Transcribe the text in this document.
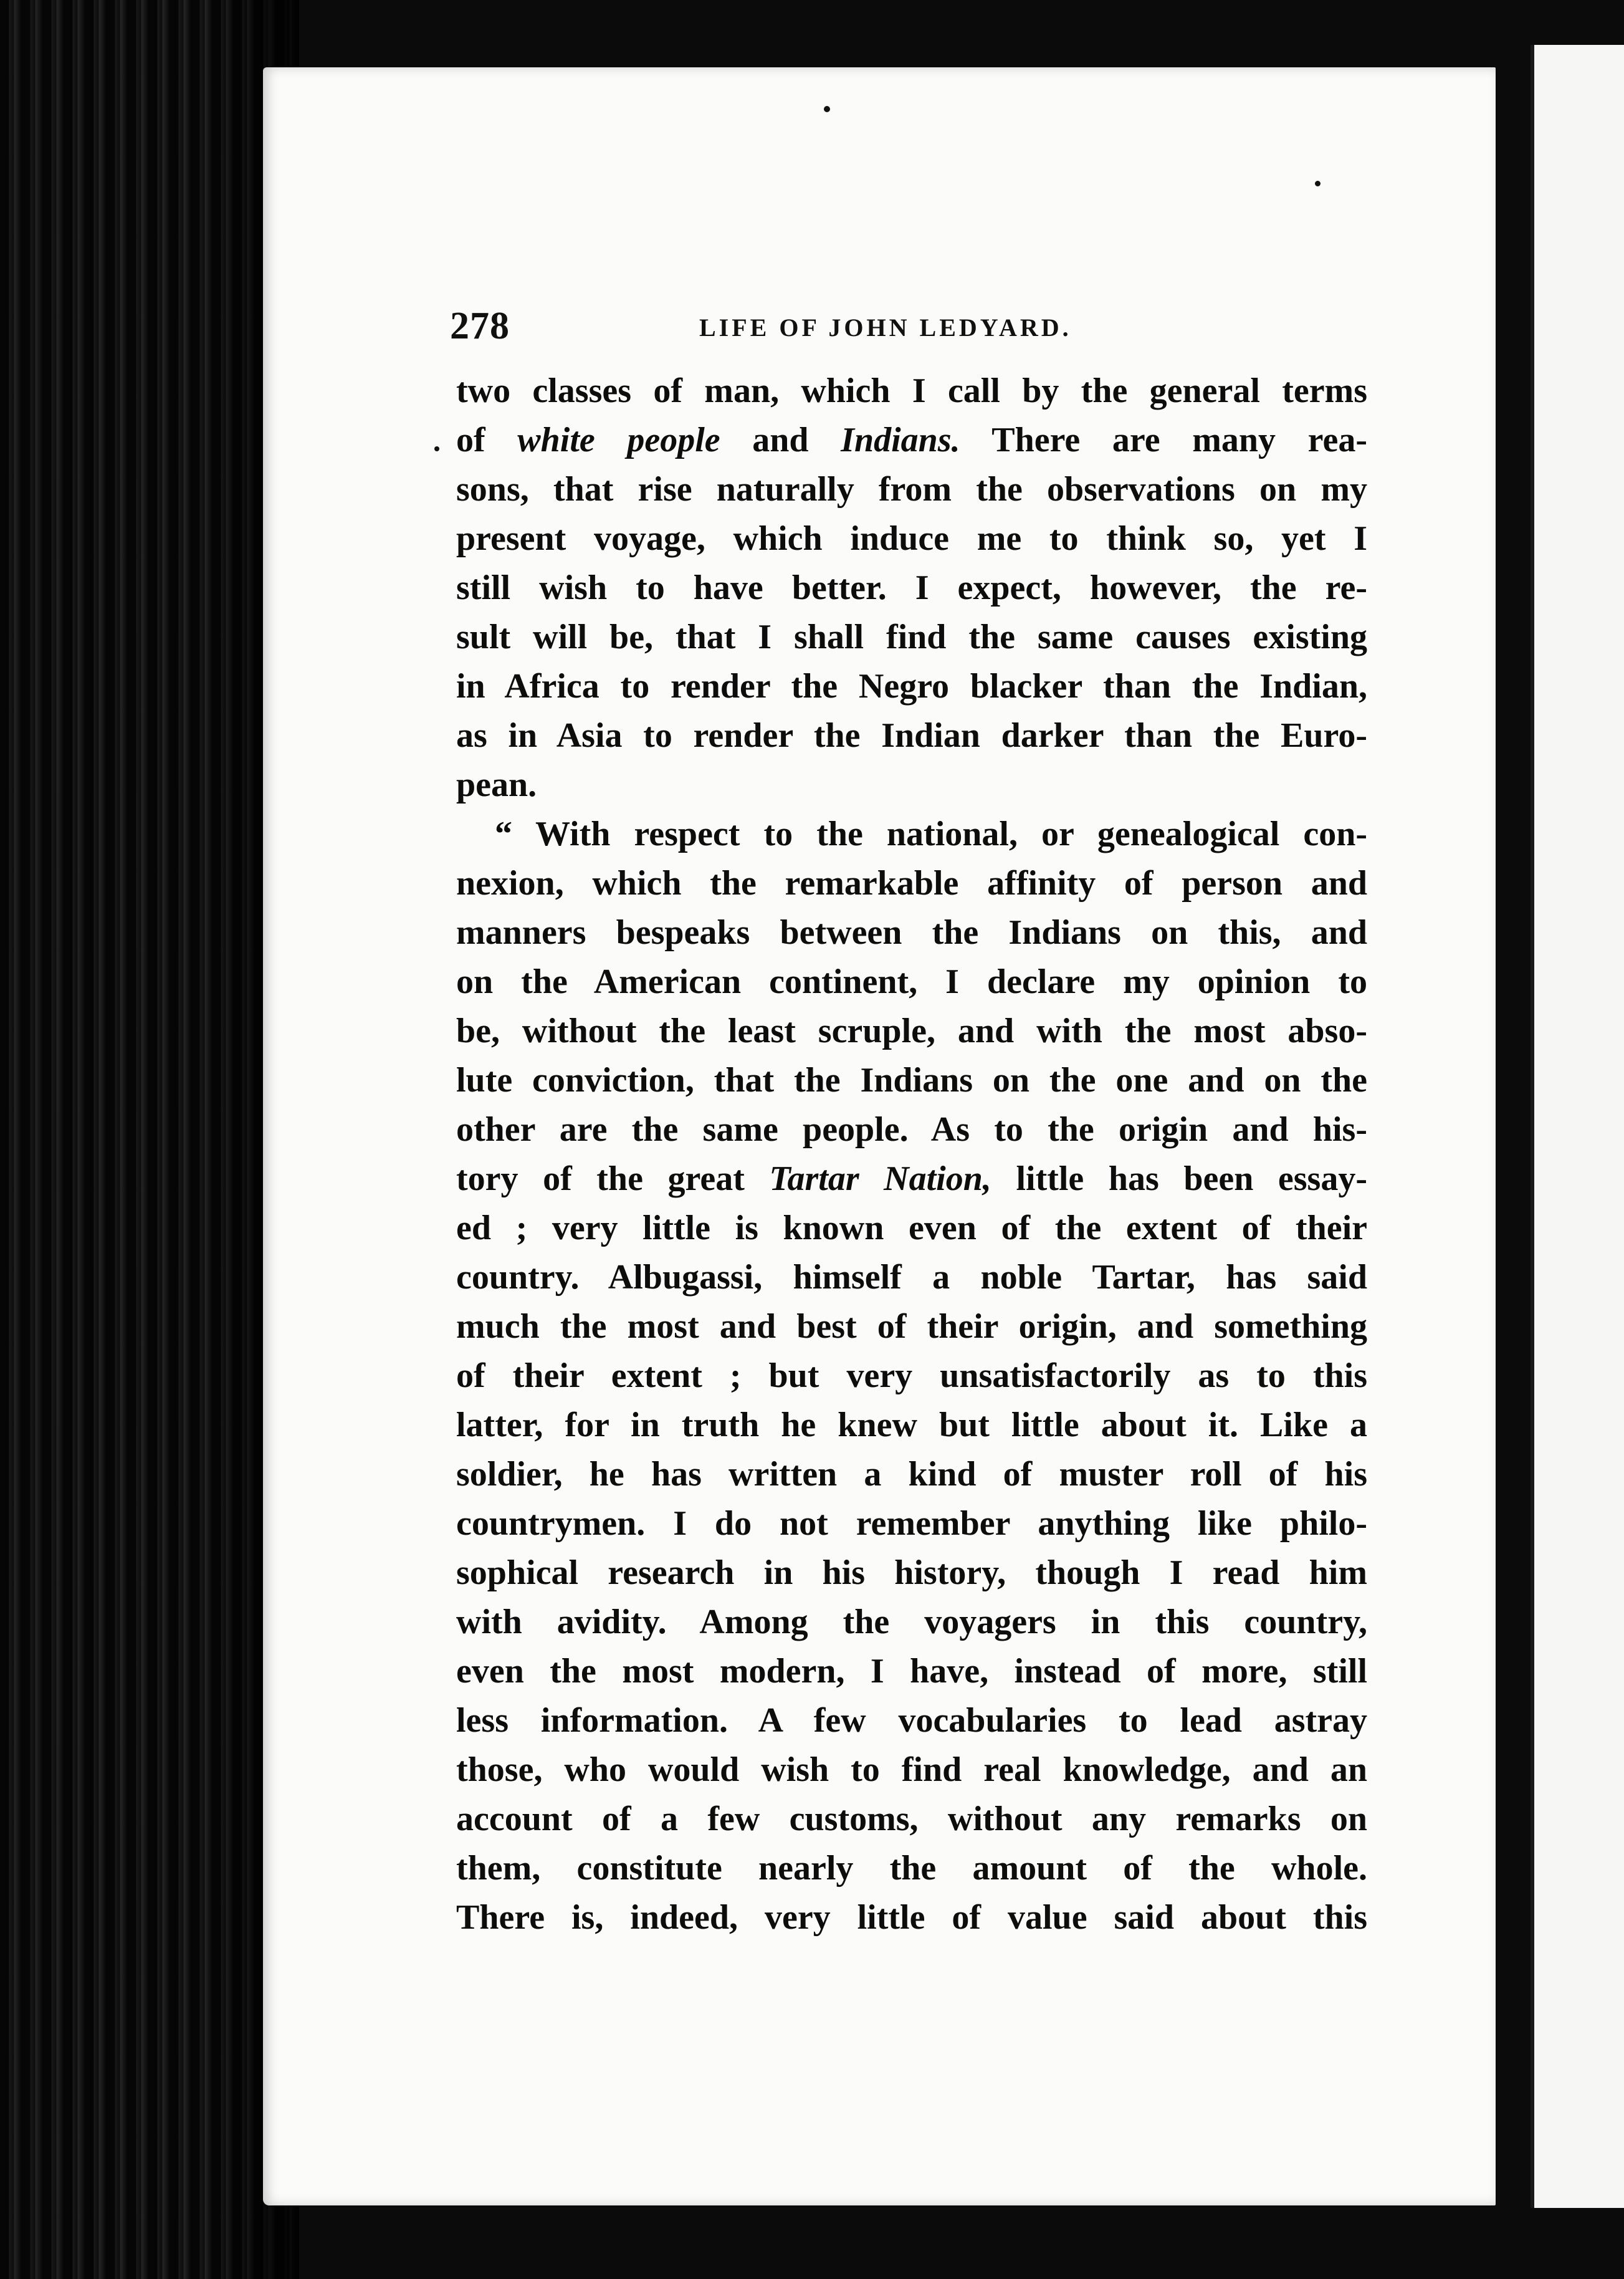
278	LIFE OF JOHN LEDYARD.
two classes of man, which I call by the general terms
of white people and Indians. There are many rea-
sons, that rise naturally from the observations on my
present voyage, which induce me to think so, yet I
still wish to have better. I expect, however, the re-
sult will be, that I shall find the same causes existing
in Africa to render the Negro blacker than the Indian,
as in Asia to render the Indian darker than the Euro-
pean.
“ With respect to the national, or genealogical con-
nexion, which the remarkable affinity of person and
manners bespeaks between the Indians on this, and
on the American continent, I declare my opinion to
be, without the least scruple, and with the most abso-
lute conviction, that the Indians on the one and on the
other are the same people. As to the origin and his-
tory of the great Tartar Nation, little has been essay-
ed ; very little is known even of the extent of their
country. Albugassi, himself a noble Tartar, has said
much the most and best of their origin, and something
of their extent ; but very unsatisfactorily as to this
latter, for in truth he knew but little about it. Like a
soldier, he has written a kind of muster roll of his
countrymen. I do not remember anything like philo-
sophical research in his history, though I read him
with avidity. Among the voyagers in this country,
even the most modern, I have, instead of more, still
less information. A few vocabularies to lead astray
those, who would wish to find real knowledge, and an
account of a few customs, without any remarks on
them, constitute nearly the amount of the whole.
There is, indeed, very little of value said about this
